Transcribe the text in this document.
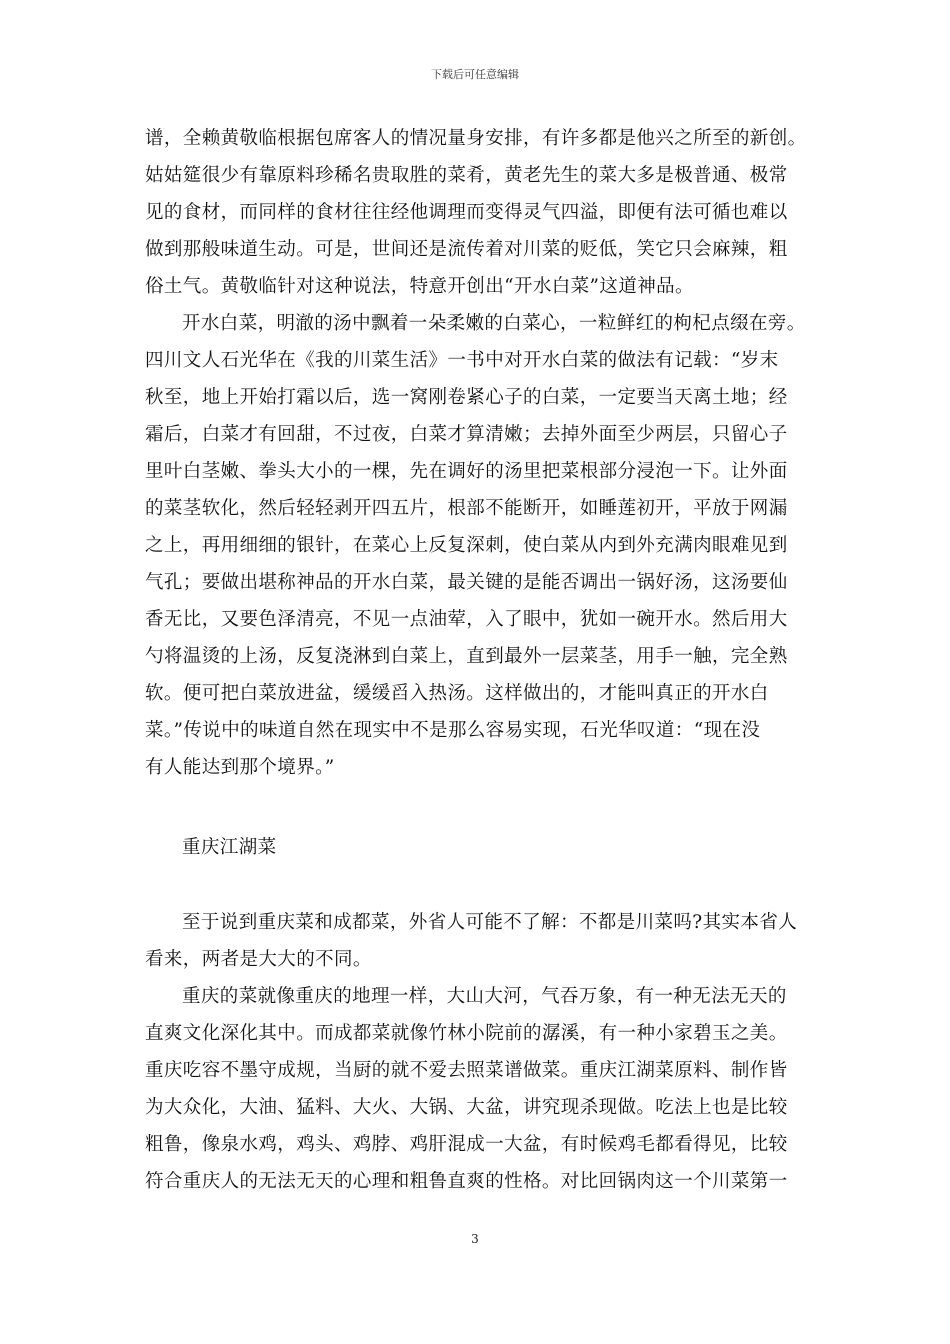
下载后可任意编辑
谱，全赖黄敬临根据包席客人的情况量身安排，有许多都是他兴之所至的新创。
姑姑筵很少有靠原料珍稀名贵取胜的菜肴，黄老先生的菜大多是极普通、极常
见的食材，而同样的食材往往经他调理而变得灵气四溢，即便有法可循也难以
做到那般味道生动。可是，世间还是流传着对川菜的贬低，笑它只会麻辣，粗
俗土气。黄敬临针对这种说法，特意开创出“开水白菜”这道神品。
开水白菜，明澈的汤中飘着一朵柔嫩的白菜心，一粒鲜红的枸杞点缀在旁。
四川文人石光华在《我的川菜生活》一书中对开水白菜的做法有记载：“岁末
秋至，地上开始打霜以后，选一窝刚卷紧心子的白菜，一定要当天离土地；经
霜后，白菜才有回甜，不过夜，白菜才算清嫩；去掉外面至少两层，只留心子
里叶白茎嫩、拳头大小的一棵，先在调好的汤里把菜根部分浸泡一下。让外面
的菜茎软化，然后轻轻剥开四五片，根部不能断开，如睡莲初开，平放于网漏
之上，再用细细的银针，在菜心上反复深刺，使白菜从内到外充满肉眼难见到
气孔；要做出堪称神品的开水白菜，最关键的是能否调出一锅好汤，这汤要仙
香无比，又要色泽清亮，不见一点油荤，入了眼中，犹如一碗开水。然后用大
勺将温烫的上汤，反复浇淋到白菜上，直到最外一层菜茎，用手一触，完全熟
软。便可把白菜放进盆，缓缓舀入热汤。这样做出的，才能叫真正的开水白
菜。”传说中的味道自然在现实中不是那么容易实现，石光华叹道：“现在没
有人能达到那个境界。”
重庆江湖菜
至于说到重庆菜和成都菜，外省人可能不了解：不都是川菜吗?其实本省人
看来，两者是大大的不同。
重庆的菜就像重庆的地理一样，大山大河，气吞万象，有一种无法无天的
直爽文化深化其中。而成都菜就像竹林小院前的潺溪，有一种小家碧玉之美。
重庆吃容不墨守成规，当厨的就不爱去照菜谱做菜。重庆江湖菜原料、制作皆
为大众化，大油、猛料、大火、大锅、大盆，讲究现杀现做。吃法上也是比较
粗鲁，像泉水鸡，鸡头、鸡脖、鸡肝混成一大盆，有时候鸡毛都看得见，比较
符合重庆人的无法无天的心理和粗鲁直爽的性格。对比回锅肉这一个川菜第一
3
